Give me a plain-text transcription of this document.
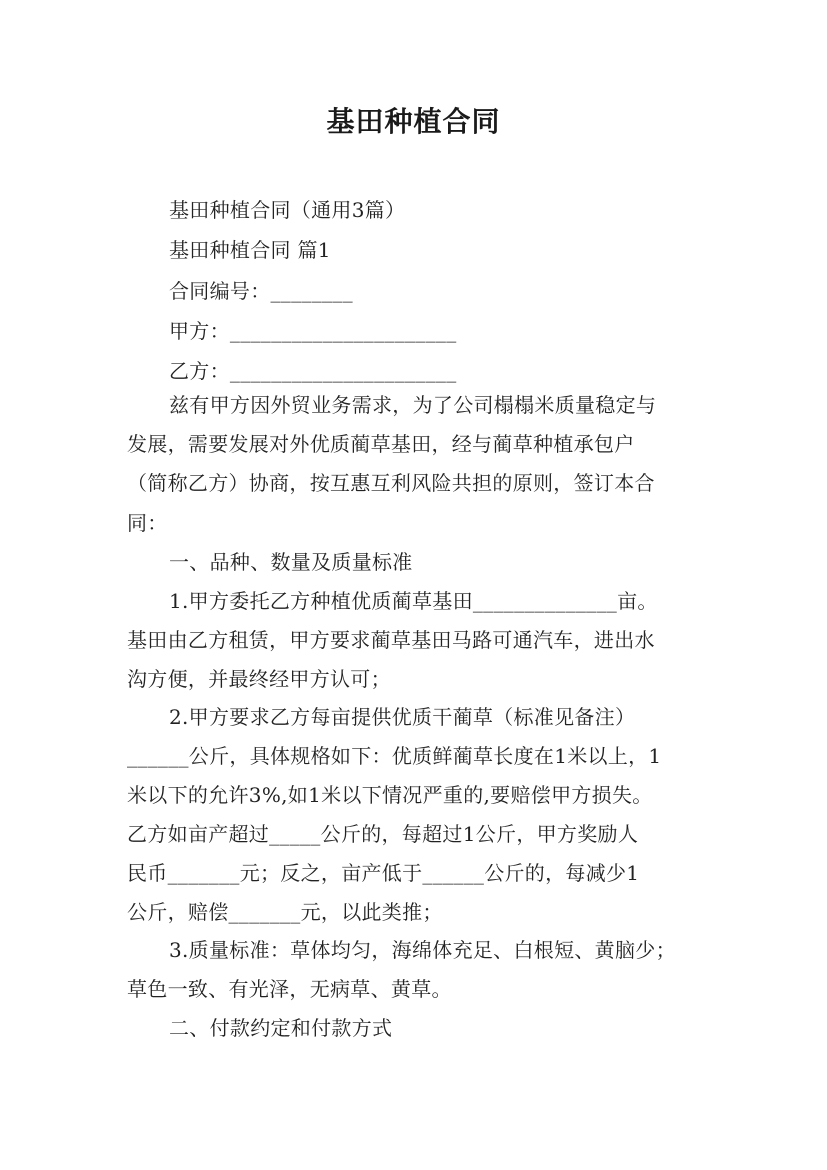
基田种植合同
基田种植合同（通用3篇）
基田种植合同 篇1
合同编号：________
甲方：______________________
乙方：______________________
兹有甲方因外贸业务需求，为了公司榻榻米质量稳定与
发展，需要发展对外优质蔺草基田，经与蔺草种植承包户
（简称乙方）协商，按互惠互利风险共担的原则，签订本合
同：
一、品种、数量及质量标准
1.甲方委托乙方种植优质蔺草基田______________亩。
基田由乙方租赁，甲方要求蔺草基田马路可通汽车，进出水
沟方便，并最终经甲方认可；
2.甲方要求乙方每亩提供优质干蔺草（标准见备注）
______公斤，具体规格如下：优质鲜蔺草长度在1米以上，1
米以下的允许3%,如1米以下情况严重的,要赔偿甲方损失。
乙方如亩产超过_____公斤的，每超过1公斤，甲方奖励人
民币_______元；反之，亩产低于______公斤的，每减少1
公斤，赔偿_______元，以此类推；
3.质量标准：草体均匀，海绵体充足、白根短、黄脑少；
草色一致、有光泽，无病草、黄草。
二、付款约定和付款方式
